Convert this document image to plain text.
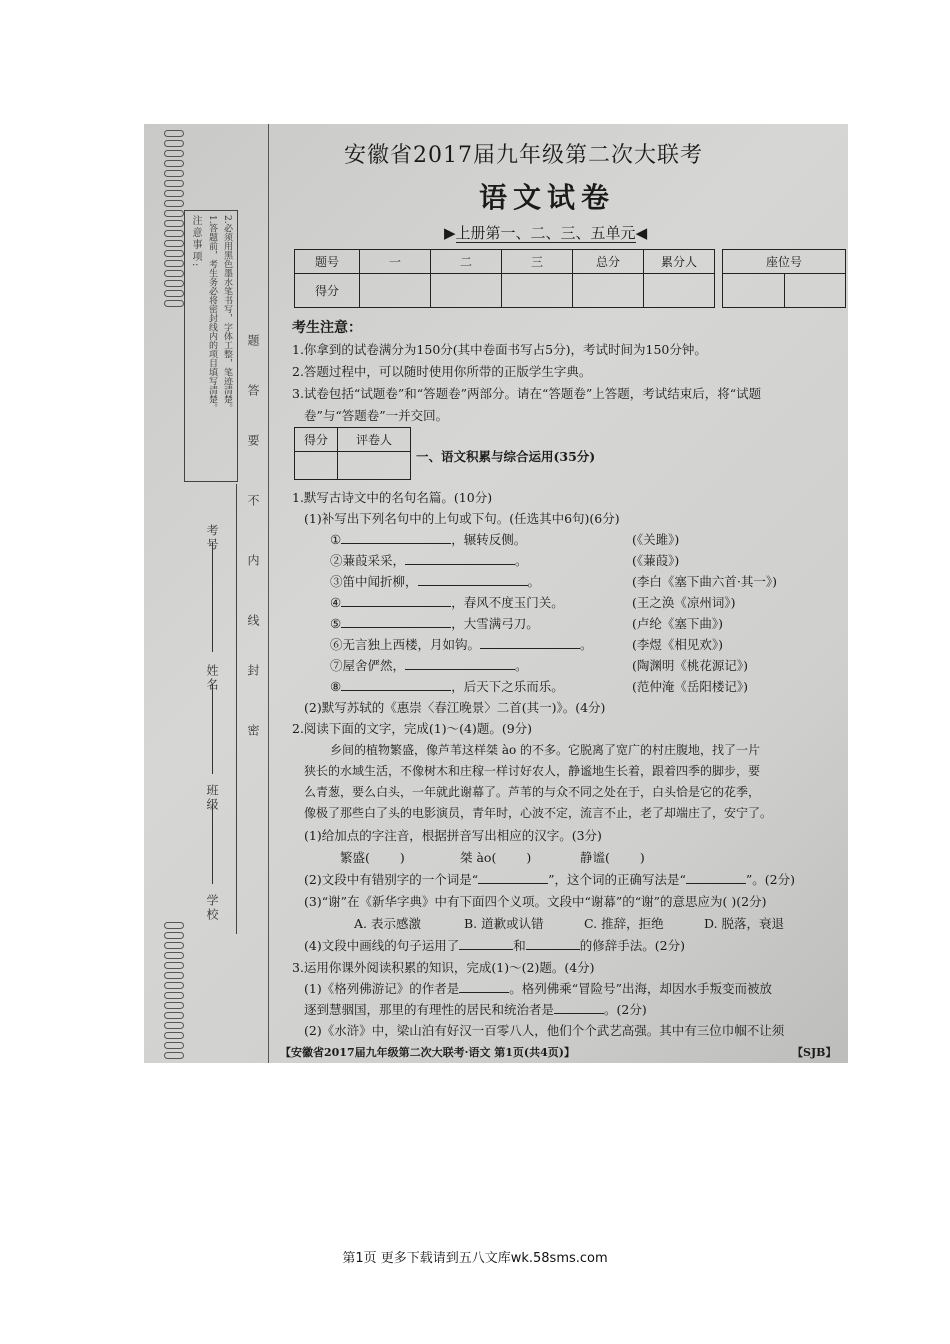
注意事项: 1.答题前，考生务必将密封线内的项目填写清楚。 2.必须用黑色墨水笔书写，字体工整，笔迹清楚。
学校
班级
姓名
考号
密
封
线
内
不
要
答
题
安徽省2017届九年级第二次大联考
语文试卷
▶上册第一、二、三、五单元◀
题号	一	二	三	总分	累分人
得分					
座位号

考生注意：
1.你拿到的试卷满分为150分(其中卷面书写占5分)，考试时间为150分钟。
2.答题过程中，可以随时使用你所带的正版学生字典。
3.试卷包括“试题卷”和“答题卷”两部分。请在“答题卷”上答题，考试结束后，将“试题
卷”与“答题卷”一并交回。
得分	评卷人

一、语文积累与综合运用(35分)
1.默写古诗文中的名句名篇。(10分)
(1)补写出下列名句中的上句或下句。(任选其中6句)(6分)
①	，辗转反侧。	(《关雎》)
②蒹葭采采，	。	(《蒹葭》)
③笛中闻折柳，	。	(李白《塞下曲六首·其一》)
④	，春风不度玉门关。	(王之涣《凉州词》)
⑤	，大雪满弓刀。	(卢纶《塞下曲》)
⑥无言独上西楼，月如钩。	。	(李煜《相见欢》)
⑦屋舍俨然，	。	(陶渊明《桃花源记》)
⑧	，后天下之乐而乐。	(范仲淹《岳阳楼记》)
(2)默写苏轼的《惠崇〈春江晚景〉二首(其一)》。(4分)
2.阅读下面的文字，完成(1)～(4)题。(9分)
乡间的植物繁盛，像芦苇这样桀 ào 的不多。它脱离了宽广的村庄腹地，找了一片
狭长的水域生活，不像树木和庄稼一样讨好农人，静谧地生长着，跟着四季的脚步，要
么青葱，要么白头，一年就此谢幕了。芦苇的与众不同之处在于，白头恰是它的花季，
像极了那些白了头的电影演员，青年时，心波不定，流言不止，老了却端庄了，安宁了。
(1)给加点的字注音，根据拼音写出相应的汉字。(3分)
繁盛( )	桀 ào( )	静谧( )
(2)文段中有错别字的一个词是“	”，这个词的正确写法是“	”。(2分)
(3)“谢”在《新华字典》中有下面四个义项。文段中“谢幕”的“谢”的意思应为( )(2分)
A. 表示感激	B. 道歉或认错	C. 推辞，拒绝	D. 脱落，衰退
(4)文段中画线的句子运用了	和	的修辞手法。(2分)
3.运用你课外阅读积累的知识，完成(1)～(2)题。(4分)
(1)《格列佛游记》的作者是	。格列佛乘“冒险号”出海，却因水手叛变而被放
逐到慧骃国，那里的有理性的居民和统治者是	。(2分)
(2)《水浒》中，梁山泊有好汉一百零八人，他们个个武艺高强。其中有三位巾帼不让须
【安徽省2017届九年级第二次大联考·语文 第1页(共4页)】	【SJB】
第1页 更多下载请到五八文库wk.58sms.com
